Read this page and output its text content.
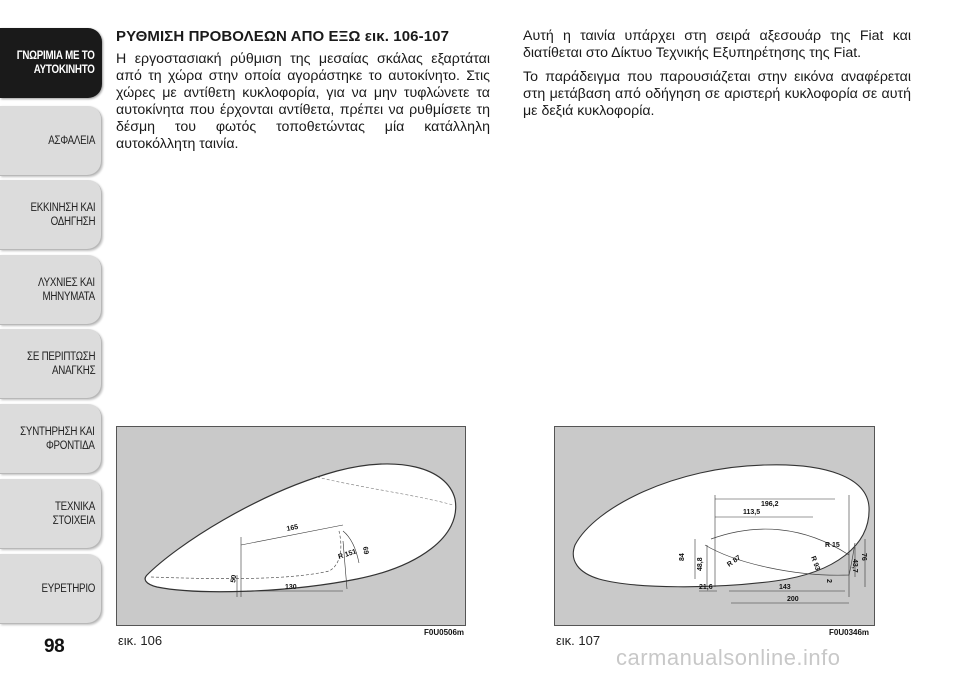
ΓΝΩΡΙΜΙΑ ΜΕ ΤΟ
ΑΥΤΟΚΙΝΗΤΟ
ΑΣΦΑΛΕΙΑ
ΕΚΚΙΝΗΣΗ ΚΑΙ
ΟΔΗΓΗΣΗ
ΛΥΧΝΙΕΣ ΚΑΙ
ΜΗΝΥΜΑΤΑ
ΣΕ ΠΕΡΙΠΤΩΣΗ
ΑΝΑΓΚΗΣ
ΣΥΝΤΗΡΗΣΗ ΚΑΙ
ΦΡΟΝΤΙΔΑ
ΤΕΧΝΙΚΑ ΣΤΟΙΧΕΙΑ
ΕΥΡΕΤΗΡΙΟ
98

ΡΥΘΜΙΣΗ ΠΡΟΒΟΛΕΩΝ ΑΠΟ ΕΞΩ εικ. 106-107

Η εργοστασιακή ρύθμιση της μεσαίας σκάλας εξαρτάται από τη χώρα στην οποία αγοράστηκε το αυτοκίνητο. Στις χώρες με αντίθετη κυκλοφορία, για να μην τυφλώνετε τα αυτοκίνητα που έρχονται αντίθετα, πρέπει να ρυθμίσετε τη δέσμη του φωτός τοποθετώντας μία κατάλληλη αυτοκόλλητη ταινία.

Αυτή η ταινία υπάρχει στη σειρά αξεσουάρ της Fiat και διατίθεται στο Δίκτυο Τεχνικής Εξυπηρέτησης της Fiat.

Το παράδειγμα που παρουσιάζεται στην εικόνα αναφέρεται στη μετάβαση από οδήγηση σε αριστερή κυκλοφορία σε αυτή με δεξιά κυκλοφορία.

165
R 151 69
50
130
εικ. 106
F0U0506m
196,2
113,5
84
48,8	R 87
R 15
R 93	43,7
76
2
21,6	143
200
εικ. 107
F0U0346m
carmanualsonline.info
